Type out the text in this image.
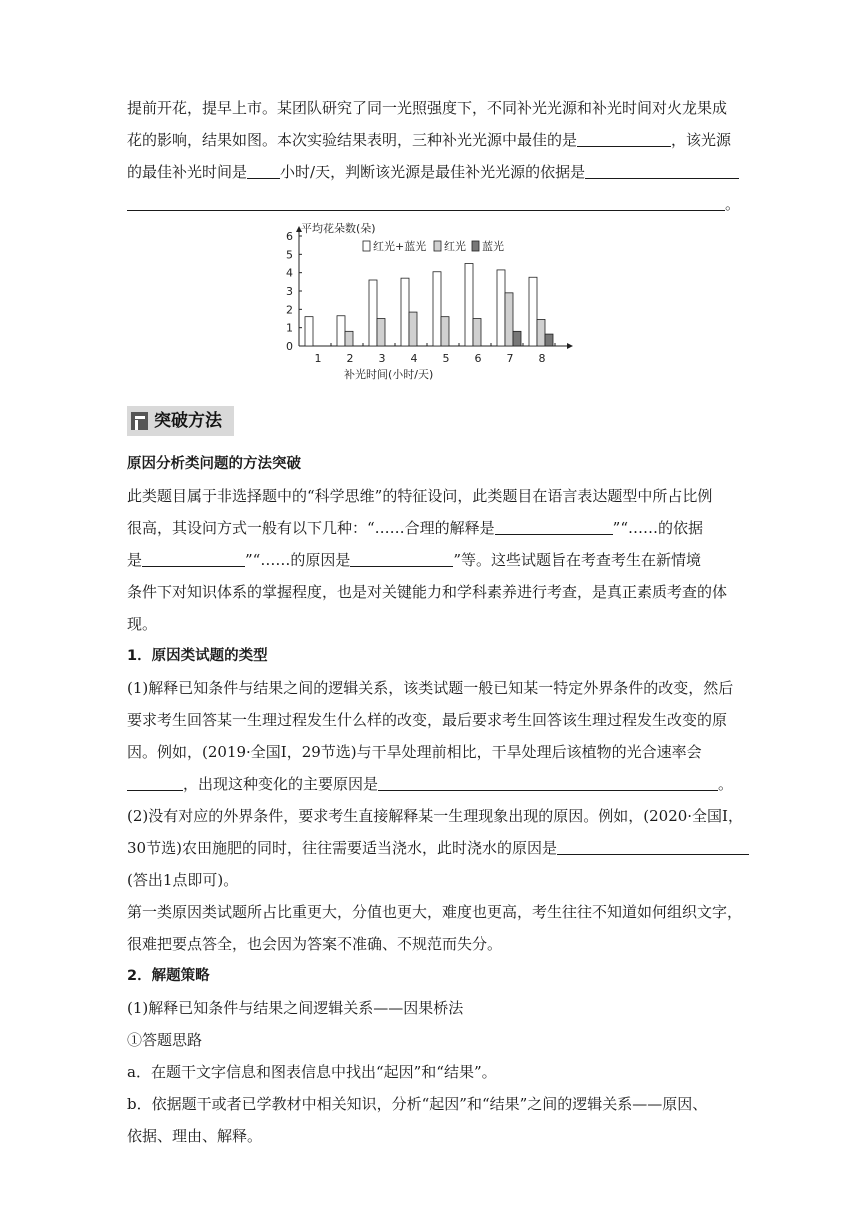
提前开花，提早上市。某团队研究了同一光照强度下，不同补光光源和补光时间对火龙果成
花的影响，结果如图。本次实验结果表明，三种补光光源中最佳的是	，该光源
的最佳补光时间是 小时/天，判断该光源是最佳补光光源的依据是
。
0
1
2
3
4
5
6
平均花朵数(朵)
红光+蓝光 红光 蓝光
1 2 3 4 5 6 7 8
补光时间(小时/天)
突破方法
原因分析类问题的方法突破
此类题目属于非选择题中的“科学思维”的特征设问，此类题目在语言表达题型中所占比例
很高，其设问方式一般有以下几种：“……合理的解释是	”“……的依据
是	”“……的原因是	”等。这些试题旨在考查考生在新情境
条件下对知识体系的掌握程度，也是对关键能力和学科素养进行考查，是真正素质考查的体
现。
1．原因类试题的类型
(1)解释已知条件与结果之间的逻辑关系，该类试题一般已知某一特定外界条件的改变，然后
要求考生回答某一生理过程发生什么样的改变，最后要求考生回答该生理过程发生改变的原
因。例如，(2019·全国Ⅰ，29节选)与干旱处理前相比，干旱处理后该植物的光合速率会
，出现这种变化的主要原因是	。
(2)没有对应的外界条件，要求考生直接解释某一生理现象出现的原因。例如，(2020·全国Ⅰ，
30节选)农田施肥的同时，往往需要适当浇水，此时浇水的原因是
(答出1点即可)。
第一类原因类试题所占比重更大，分值也更大，难度也更高，考生往往不知道如何组织文字，
很难把要点答全，也会因为答案不准确、不规范而失分。
2．解题策略
(1)解释已知条件与结果之间逻辑关系——因果桥法
①答题思路
a．在题干文字信息和图表信息中找出“起因”和“结果”。
b．依据题干或者已学教材中相关知识，分析“起因”和“结果”之间的逻辑关系——原因、
依据、理由、解释。
